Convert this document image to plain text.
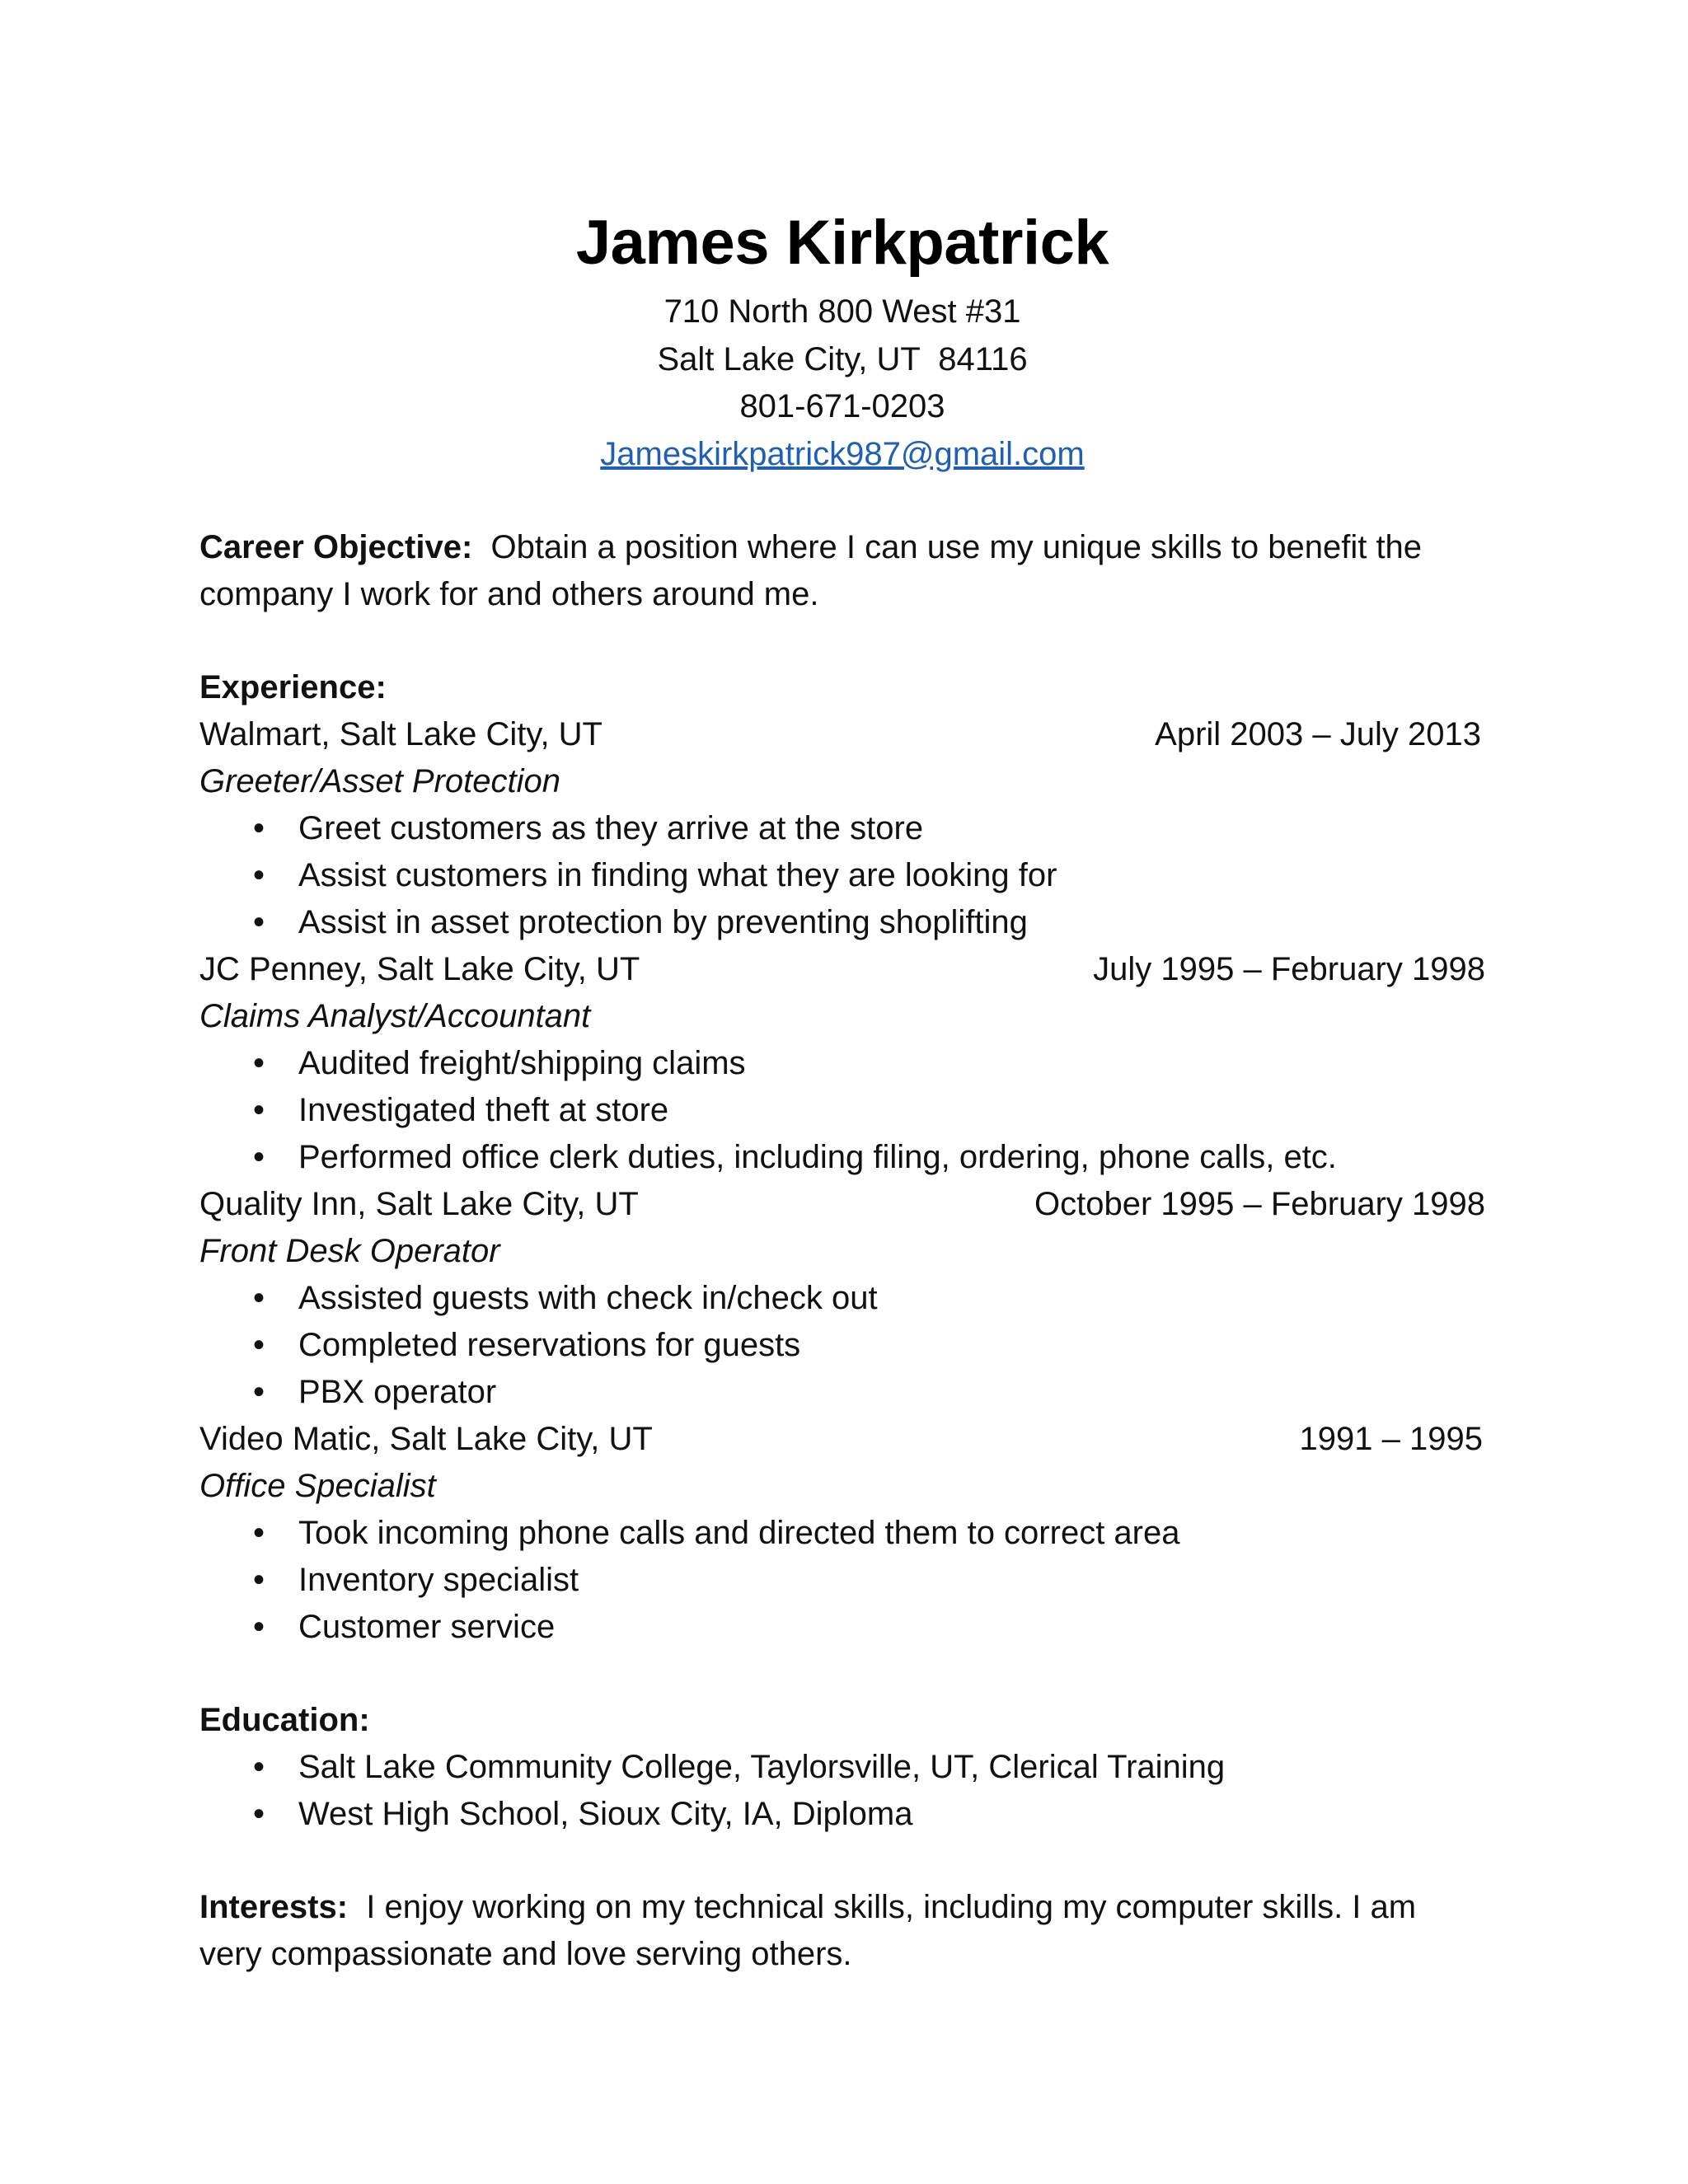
James Kirkpatrick
710 North 800 West #31
Salt Lake City, UT  84116
801-671-0203
Jameskirkpatrick987@gmail.com
Career Objective: Obtain a position where I can use my unique skills to benefit the company I work for and others around me.
Experience:
Walmart, Salt Lake City, UT	April 2003 – July 2013
Greeter/Asset Protection
• Greet customers as they arrive at the store
• Assist customers in finding what they are looking for
• Assist in asset protection by preventing shoplifting
JC Penney, Salt Lake City, UT	July 1995 – February 1998
Claims Analyst/Accountant
• Audited freight/shipping claims
• Investigated theft at store
• Performed office clerk duties, including filing, ordering, phone calls, etc.
Quality Inn, Salt Lake City, UT	October 1995 – February 1998
Front Desk Operator
• Assisted guests with check in/check out
• Completed reservations for guests
• PBX operator
Video Matic, Salt Lake City, UT	1991 – 1995
Office Specialist
• Took incoming phone calls and directed them to correct area
• Inventory specialist
• Customer service
Education:
• Salt Lake Community College, Taylorsville, UT, Clerical Training
• West High School, Sioux City, IA, Diploma
Interests: I enjoy working on my technical skills, including my computer skills. I am very compassionate and love serving others.
